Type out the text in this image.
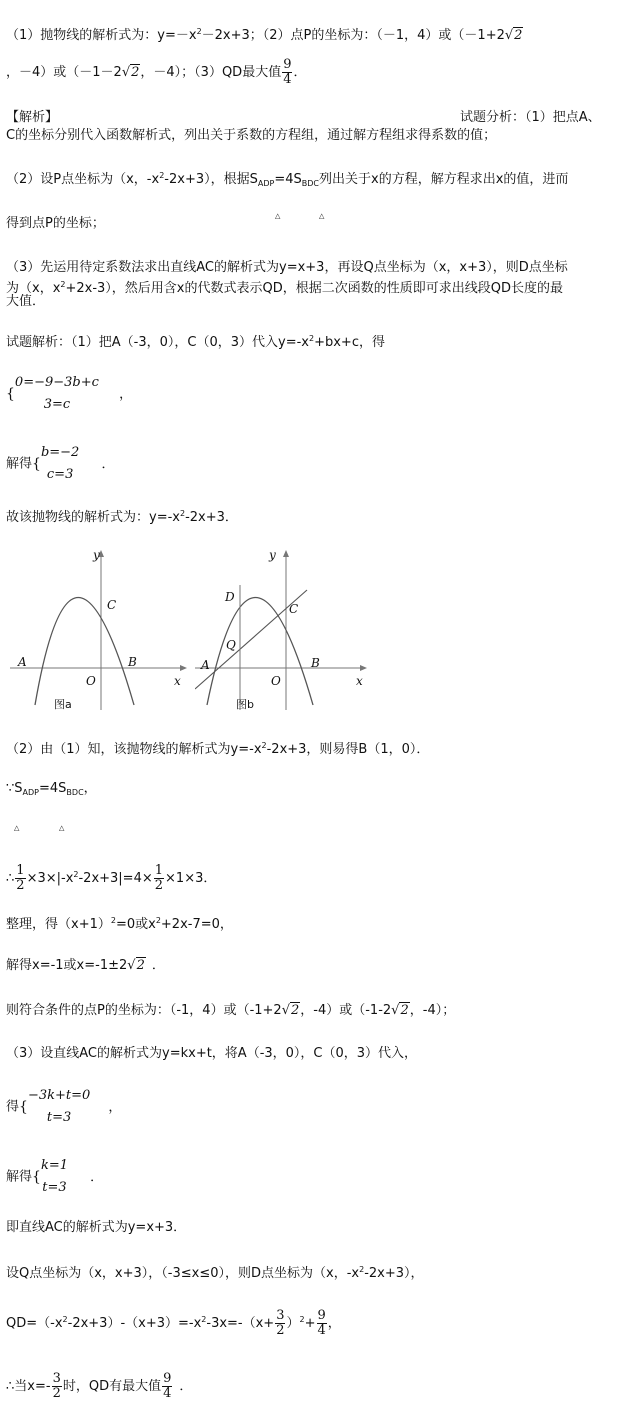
（1）抛物线的解析式为：$y=-x^2-2x+3$；（2）点P的坐标为：（－1，4）或（－1+2√2
，－4）或（－1－2√2，－4）；（3）QD最大值 $\frac{9}{4}$ ．
【解析】	试题分析：（1）把点A、
C的坐标分别代入函数解析式，列出关于系数的方程组，通过解方程组求得系数的值；
（2）设P点坐标为（x，$-x^2-2x+3$），根据$S_{ADP}=4S_{BDC}$列出关于x的方程，解方程求出x的值，进而
△	△
得到点P的坐标；
（3）先运用待定系数法求出直线AC的解析式为y=x+3，再设Q点坐标为（x，x+3），则D点坐标
为（x，$x^2+2x-3$），然后用含x的代数式表示QD，根据二次函数的性质即可求出线段QD长度的最
大值．
试题解析：（1）把A（-3，0），C（0，3）代入$y=-x^2+bx+c$，得
{
0=−9−3b+c
3=c
，
解得{
b=−2
c=3
．
故该抛物线的解析式为：$y=-x^2-2x+3$．
y
x
A	B
C
O
图a
y
x
A	B
C
O
D
Q
图b
（2）由（1）知，该抛物线的解析式为$y=-x^2-2x+3$，则易得B（1，0）．
$\because S_{ADP}=4S_{BDC}$，
△	△
∴ $\frac{1}{2} \times 3\times|-x^2-2x+3|=4\times \frac{1}{2} \times 1\times 3$．
整理，得$(x+1)^2=0$或$x^2+2x-7=0$，
解得x=-1或x=-1±2√2 ．
则符合条件的点P的坐标为：（-1，4）或（-1+2√2，-4）或（-1-2√2，-4）；
（3）设直线AC的解析式为y=kx+t，将A（-3，0），C（0，3）代入，
得{
−3k+t=0
t=3
，
解得{
k=1
t=3
．
即直线AC的解析式为y=x+3．
设Q点坐标为（x，x+3），（-3≤x≤0），则D点坐标为（x，$-x^2-2x+3$），
$QD=(-x^2-2x+3)-(x+3)=-x^2-3x=-(x+ \frac{3}{2} )^2+ \frac{9}{4}$ ，
∴当$x=- \frac{3}{2}$ 时，QD有最大值 $\frac{9}{4}$ ．
